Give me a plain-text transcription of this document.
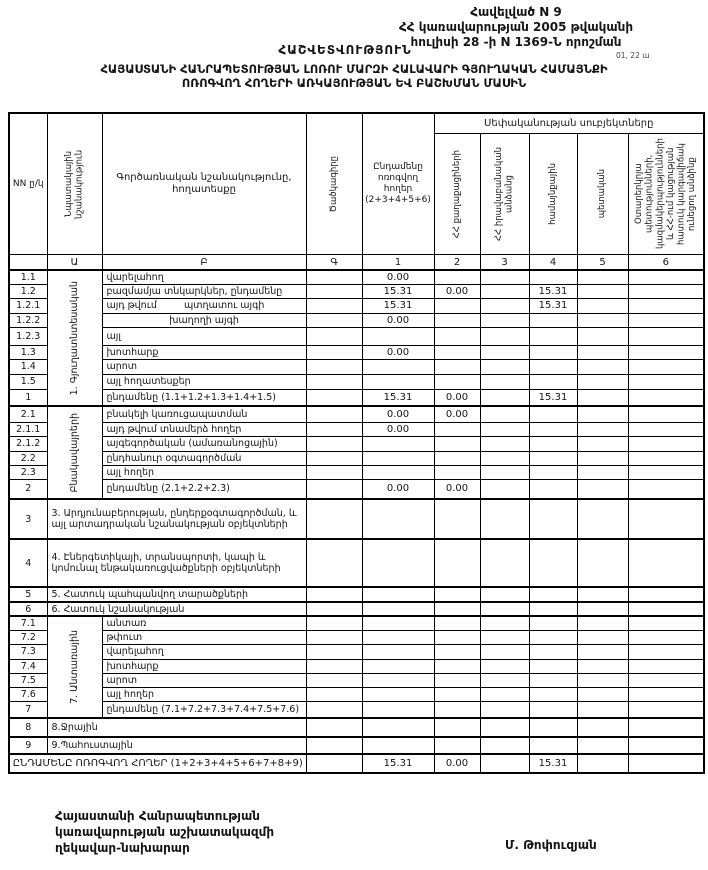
Հավելված N 9
ՀՀ կառավարության 2005 թվականի
հուլիսի 28 -ի N 1369-Ն որոշման
ՀԱՇՎԵՏՎՈՒԹՅՈՒՆ	01, 22 ա
ՀԱՅԱՍՏԱՆԻ ՀԱՆՐԱՊԵՏՈՒԹՅԱՆ ԼՈՌՈՒ ՄԱՐԶԻ ՀԱԼԱՎԱՐԻ ԳՅՈՒՂԱԿԱՆ ՀԱՄԱՅՆՔԻ
ՈՌՈԳՎՈՂ ՀՈՂԵՐԻ ԱՌԿԱՅՈՒԹՅԱՆ ԵՎ ԲԱՇԽՄԱՆ ՄԱՍԻՆ
NN ը/կ	Նպատակային նշանակություն	Գործառնական նշանակությունը, հողատեսքը	Ծածկագիրը	Ընդամենը ոռոգվող հողեր (2+3+4+5+6)	Սեփականության սուբյեկտները				

					ՀՀ քաղաքացիների	ՀՀ իրավաբանական անձանց	համայնքային	պետական	Օտարերկրյա պետությունների, կազմակերպությունների և ՀՀ-ում կացության հատուկ կարգավիճակ ունեցող անձինք

	Ա	Բ	Գ	1	2	3	4	5	6
1.1	1. Գյուղատնտեսական	վարելահող		0.00					
1.2		բազմամյա տնկարկներ, ընդամենը		15.31	0.00		15.31		
1.2.1		այդ թվում         պտղատու այգի		15.31			15.31		
1.2.2		խաղողի այգի		0.00					
1.2.3		այլ							
1.3		խոտհարք		0.00					
1.4		արոտ							
1.5		այլ հողատեսքեր							
1		ընդամենը (1.1+1.2+1.3+1.4+1.5)		15.31	0.00		15.31		
2.1	Բնակավայրերի	բնակելի կառուցապատման		0.00	0.00				
2.1.1		այդ թվում տնամերձ հողեր		0.00					
2.1.2		այգեգործական (ամառանոցային)							
2.2		ընդհանուր օգտագործման							
2.3		այլ հողեր							
2		ընդամենը (2.1+2.2+2.3)		0.00	0.00				
3	3. Արդյունաբերության, ընդերքօգտագործման, և այլ արտադրական նշանակության օբյեկտների								
4	4. Էներգետիկայի, տրանսպորտի, կապի և կոմունալ ենթակառուցվածքների օբյեկտների								
5	5. Հատուկ պահպանվող տարածքների								
6	6. Հատուկ նշանակության								
7.1	7. Անտառային	անտառ							
7.2		թփուտ							
7.3		վարելահող							
7.4		խոտհարք							
7.5		արոտ							
7.6		այլ հողեր							
7		ընդամենը (7.1+7.2+7.3+7.4+7.5+7.6)							
8	8.Ջրային								
9	9.Պահուստային								
ԸՆԴԱՄԵՆԸ ՈՌՈԳՎՈՂ ՀՈՂԵՐ (1+2+3+4+5+6+7+8+9)				15.31	0.00		15.31		
Հայաստանի Հանրապետության
կառավարության աշխատակազմի
ղեկավար-նախարար	Մ. Թոփուզյան
